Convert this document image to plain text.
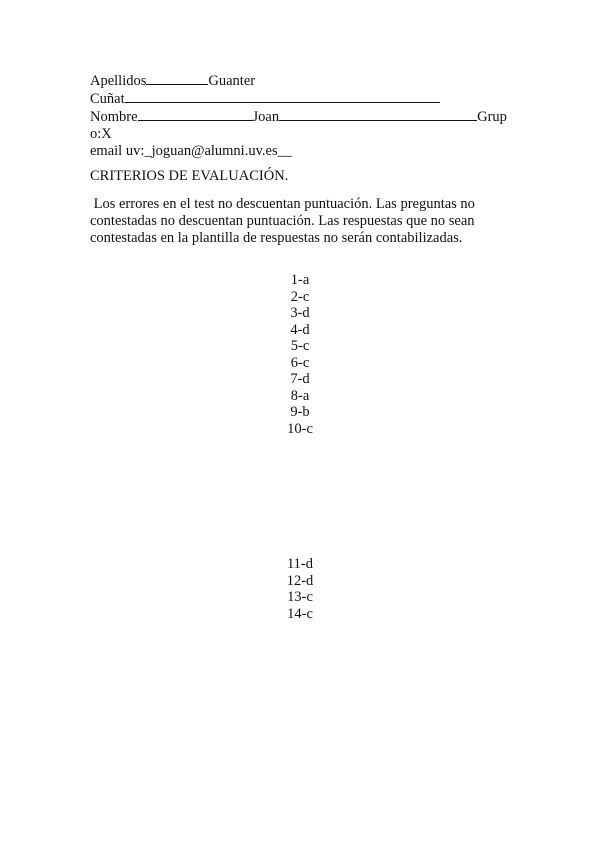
Apellidos	Guanter
Cuñat
Nombre	Joan	Grup
o:X
email uv:_joguan@alumni.uv.es__
CRITERIOS DE EVALUACIÓN.
Los errores en el test no descuentan puntuación. Las preguntas no
contestadas no descuentan puntuación. Las respuestas que no sean
contestadas en la plantilla de respuestas no serán contabilizadas.
1-a
2-c
3-d
4-d
5-c
6-c
7-d
8-a
9-b
10-c
11-d
12-d
13-c
14-c
